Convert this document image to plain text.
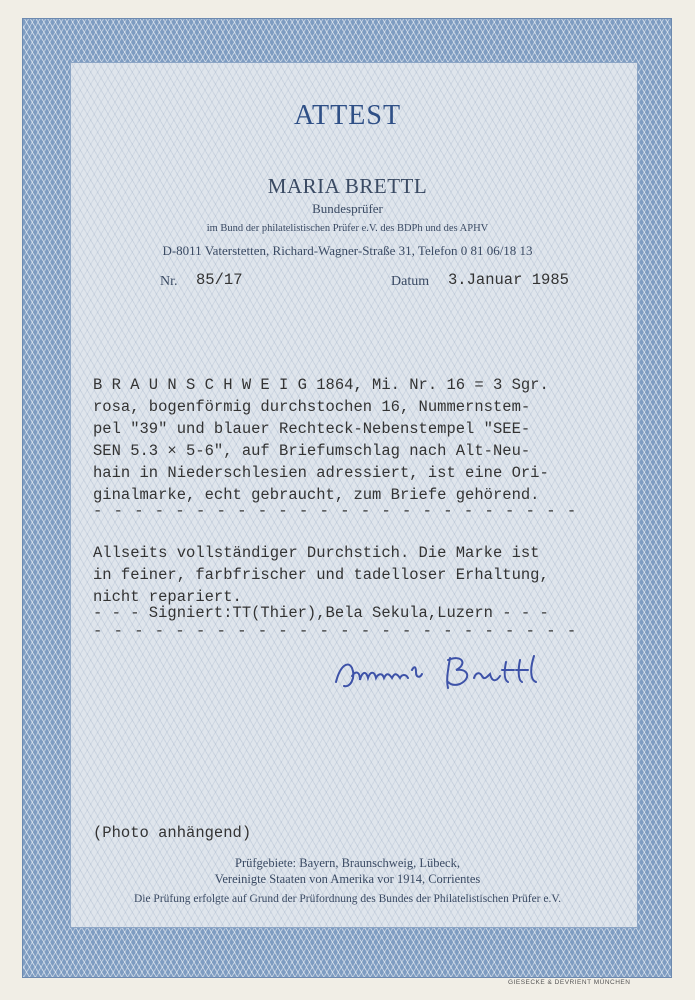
ATTEST
MARIA BRETTL
Bundesprüfer
im Bund der philatelistischen Prüfer e.V. des BDPh und des APHV
D-8011 Vaterstetten, Richard-Wagner-Straße 31, Telefon 0 81 06/18 13
Nr. 85/17	Datum 3.Januar 1985
B R A U N S C H W E I G 1864, Mi. Nr. 16 = 3 Sgr.
rosa, bogenförmig durchstochen 16, Nummernstem-
pel "39" und blauer Rechteck-Nebenstempel "SEE-
SEN 5.3 × 5-6", auf Briefumschlag nach Alt-Neu-
hain in Niederschlesien adressiert, ist eine Ori-
ginalmarke, echt gebraucht, zum Briefe gehörend.
- - - - - - - - - - - - - - - - - - - - - - - -
Allseits vollständiger Durchstich. Die Marke ist
in feiner, farbfrischer und tadelloser Erhaltung,
nicht repariert.
- - - Signiert:TT(Thier),Bela Sekula,Luzern - - -
- - - - - - - - - - - - - - - - - - - - - - - -
(Photo anhängend)
Prüfgebiete: Bayern, Braunschweig, Lübeck,
Vereinigte Staaten von Amerika vor 1914, Corrientes
Die Prüfung erfolgte auf Grund der Prüfordnung des Bundes der Philatelistischen Prüfer e.V.
GIESECKE & DEVRIENT MÜNCHEN
